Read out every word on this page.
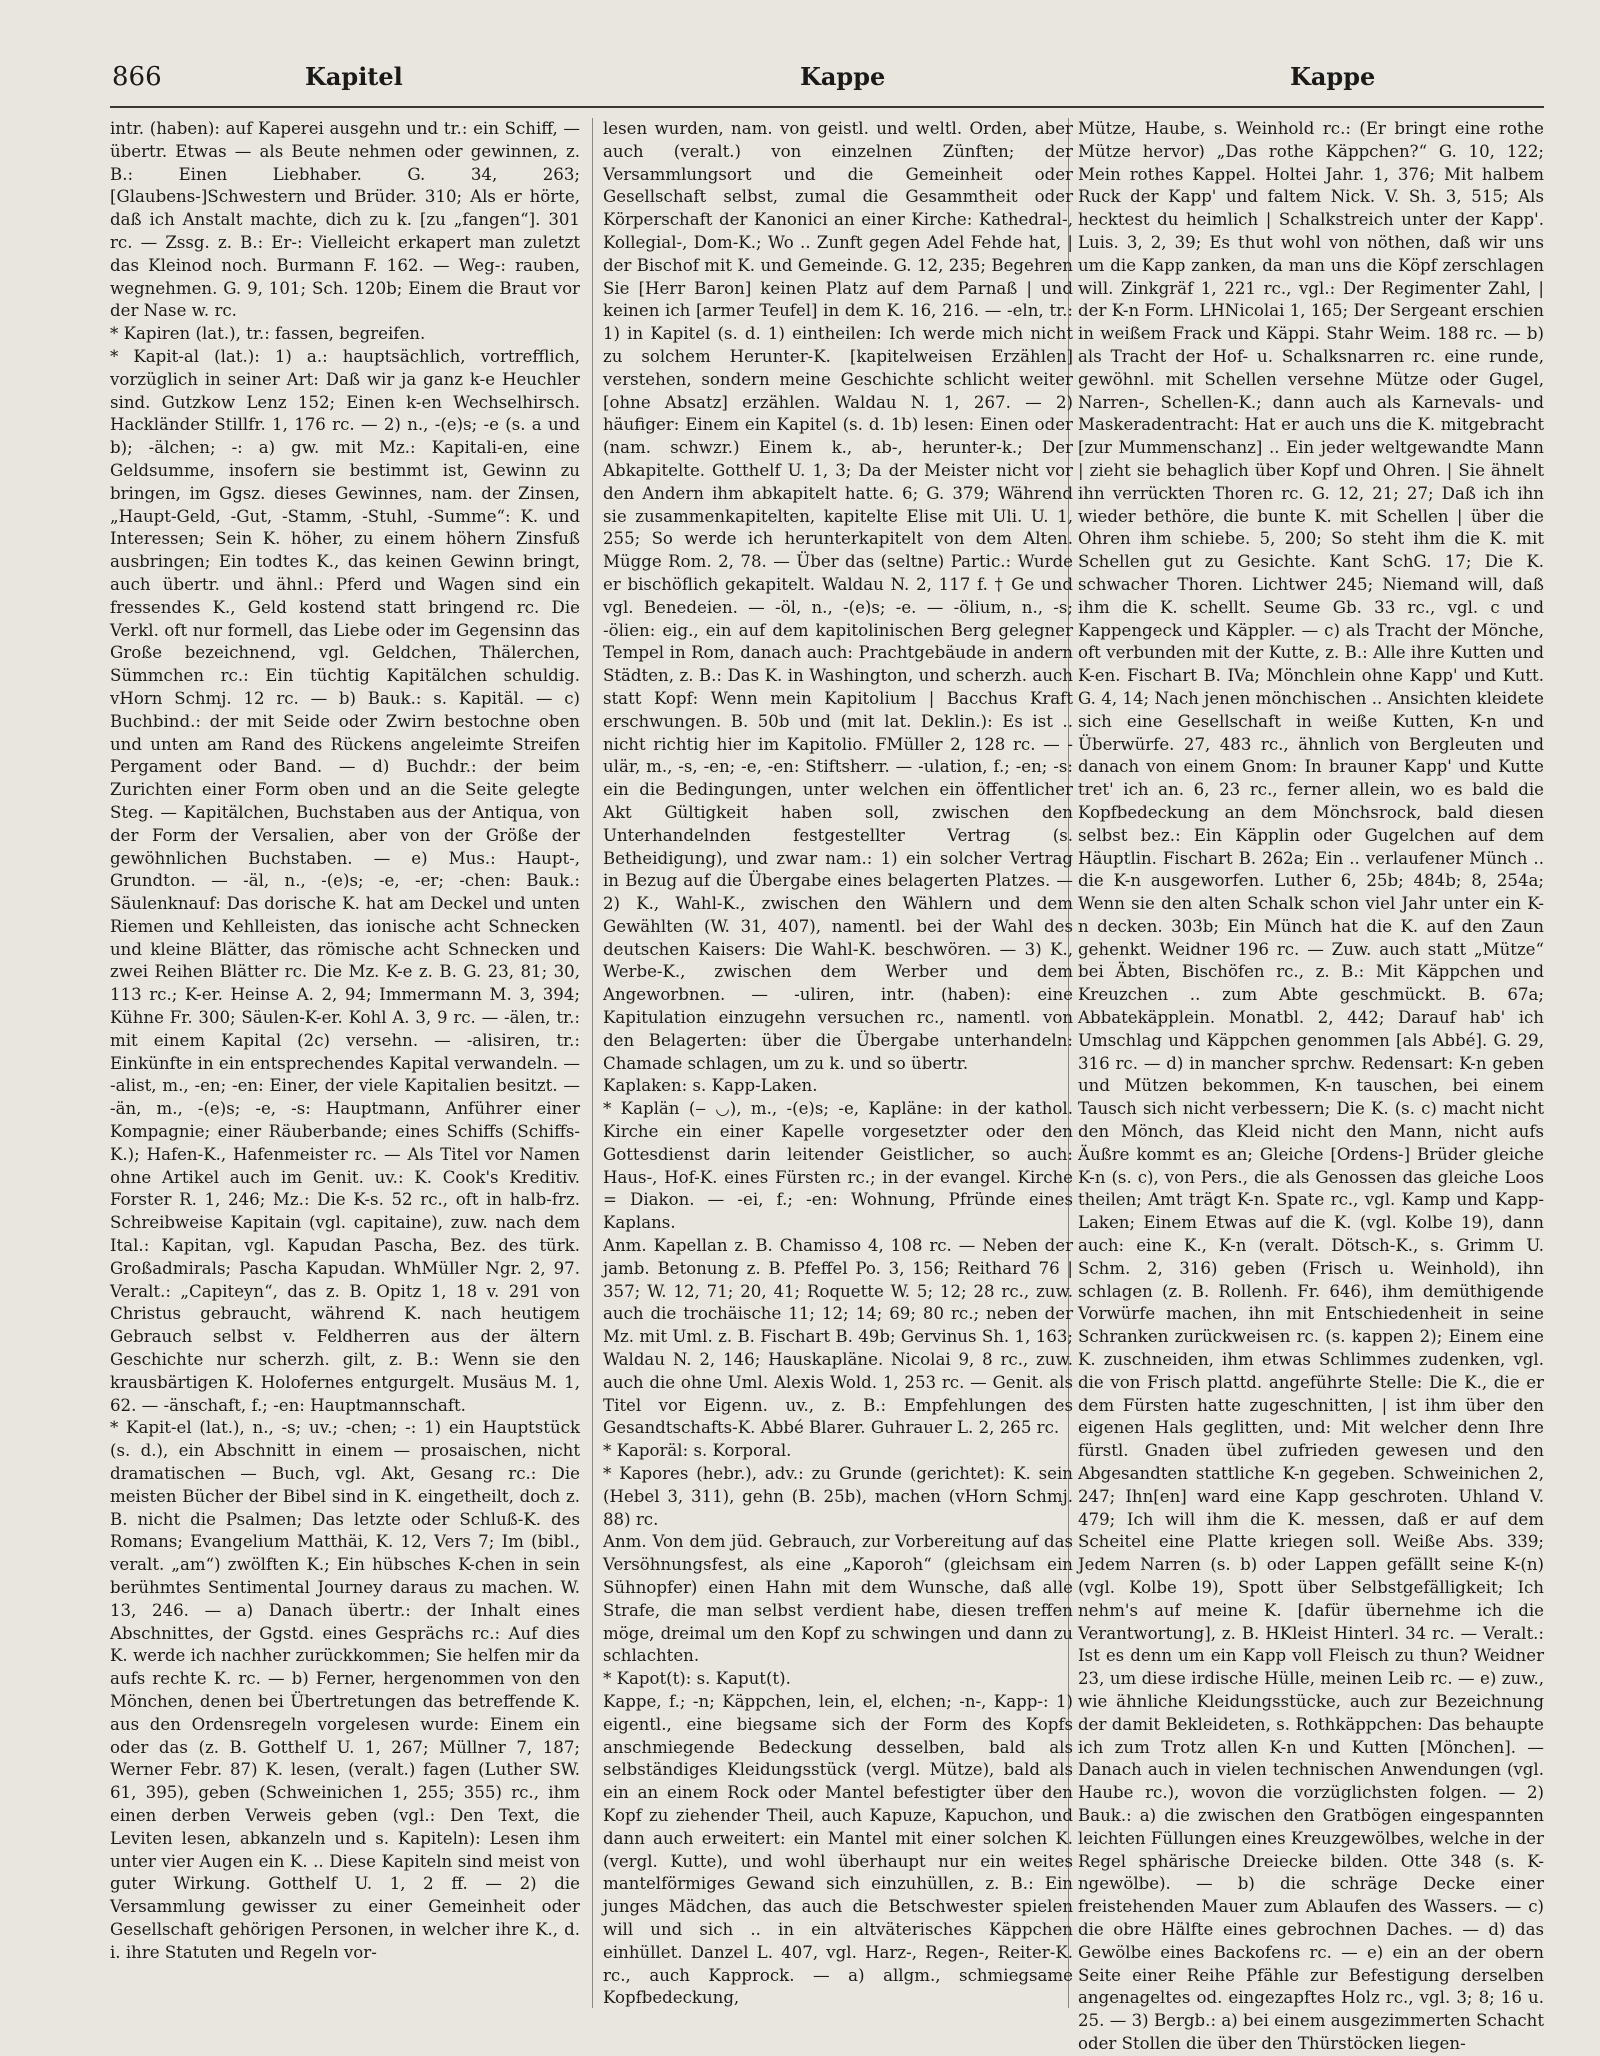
866	Kapitel	Kappe	Kappe

intr. (haben): auf Kaperei ausgehn und tr.: ein Schiff, — übertr. Etwas — als Beute nehmen oder gewinnen, z. B.: Einen Liebhaber. G. 34, 263; [Glaubens-]Schwestern und Brüder. 310; Als er hörte, daß ich Anstalt machte, dich zu k. [zu „fangen“]. 301 rc. — Zssg. z. B.: Er-: Vielleicht erkapert man zuletzt das Kleinod noch. Burmann F. 162. — Weg-: rauben, wegnehmen. G. 9, 101; Sch. 120b; Einem die Braut vor der Nase w. rc.

* Kapiren (lat.), tr.: fassen, begreifen.

* Kapit-al (lat.): 1) a.: hauptsächlich, vortrefflich, vorzüglich in seiner Art: Daß wir ja ganz k-e Heuchler sind. Gutzkow Lenz 152; Einen k-en Wechselhirsch. Hackländer Stillfr. 1, 176 rc. — 2) n., -(e)s; -e (s. a und b); -älchen; -: a) gw. mit Mz.: Kapitali-en, eine Geldsumme, insofern sie bestimmt ist, Gewinn zu bringen, im Ggsz. dieses Gewinnes, nam. der Zinsen, „Haupt-Geld, -Gut, -Stamm, -Stuhl, -Summe“: K. und Interessen; Sein K. höher, zu einem höhern Zinsfuß ausbringen; Ein todtes K., das keinen Gewinn bringt, auch übertr. und ähnl.: Pferd und Wagen sind ein fressendes K., Geld kostend statt bringend rc. Die Verkl. oft nur formell, das Liebe oder im Gegensinn das Große bezeichnend, vgl. Geldchen, Thälerchen, Sümmchen rc.: Ein tüchtig Kapitälchen schuldig. vHorn Schmj. 12 rc. — b) Bauk.: s. Kapitäl. — c) Buchbind.: der mit Seide oder Zwirn bestochne oben und unten am Rand des Rückens angeleimte Streifen Pergament oder Band. — d) Buchdr.: der beim Zurichten einer Form oben und an die Seite gelegte Steg. — Kapitälchen, Buchstaben aus der Antiqua, von der Form der Versalien, aber von der Größe der gewöhnlichen Buchstaben. — e) Mus.: Haupt-, Grundton. — -äl, n., -(e)s; -e, -er; -chen: Bauk.: Säulenknauf: Das dorische K. hat am Deckel und unten Riemen und Kehlleisten, das ionische acht Schnecken und kleine Blätter, das römische acht Schnecken und zwei Reihen Blätter rc. Die Mz. K-e z. B. G. 23, 81; 30, 113 rc.; K-er. Heinse A. 2, 94; Immermann M. 3, 394; Kühne Fr. 300; Säulen-K-er. Kohl A. 3, 9 rc. — -älen, tr.: mit einem Kapital (2c) versehn. — -alisiren, tr.: Einkünfte in ein entsprechendes Kapital verwandeln. — -alist, m., -en; -en: Einer, der viele Kapitalien besitzt. — -än, m., -(e)s; -e, -s: Hauptmann, Anführer einer Kompagnie; einer Räuberbande; eines Schiffs (Schiffs-K.); Hafen-K., Hafenmeister rc. — Als Titel vor Namen ohne Artikel auch im Genit. uv.: K. Cook's Kreditiv. Forster R. 1, 246; Mz.: Die K-s. 52 rc., oft in halb-frz. Schreibweise Kapitain (vgl. capitaine), zuw. nach dem Ital.: Kapitan, vgl. Kapudan Pascha, Bez. des türk. Großadmirals; Pascha Kapudan. WhMüller Ngr. 2, 97. Veralt.: „Capiteyn“, das z. B. Opitz 1, 18 v. 291 von Christus gebraucht, während K. nach heutigem Gebrauch selbst v. Feldherren aus der ältern Geschichte nur scherzh. gilt, z. B.: Wenn sie den krausbärtigen K. Holofernes entgurgelt. Musäus M. 1, 62. — -änschaft, f.; -en: Hauptmannschaft.

* Kapit-el (lat.), n., -s; uv.; -chen; -: 1) ein Hauptstück (s. d.), ein Abschnitt in einem — prosaischen, nicht dramatischen — Buch, vgl. Akt, Gesang rc.: Die meisten Bücher der Bibel sind in K. eingetheilt, doch z. B. nicht die Psalmen; Das letzte oder Schluß-K. des Romans; Evangelium Matthäi, K. 12, Vers 7; Im (bibl., veralt. „am“) zwölften K.; Ein hübsches K-chen in sein berühmtes Sentimental Journey daraus zu machen. W. 13, 246. — a) Danach übertr.: der Inhalt eines Abschnittes, der Ggstd. eines Gesprächs rc.: Auf dies K. werde ich nachher zurückkommen; Sie helfen mir da aufs rechte K. rc. — b) Ferner, hergenommen von den Mönchen, denen bei Übertretungen das betreffende K. aus den Ordensregeln vorgelesen wurde: Einem ein oder das (z. B. Gotthelf U. 1, 267; Müllner 7, 187; Werner Febr. 87) K. lesen, (veralt.) fagen (Luther SW. 61, 395), geben (Schweinichen 1, 255; 355) rc., ihm einen derben Verweis geben (vgl.: Den Text, die Leviten lesen, abkanzeln und s. Kapiteln): Lesen ihm unter vier Augen ein K. .. Diese Kapiteln sind meist von guter Wirkung. Gotthelf U. 1, 2 ff. — 2) die Versammlung gewisser zu einer Gemeinheit oder Gesellschaft gehörigen Personen, in welcher ihre K., d. i. ihre Statuten und Regeln vor-

lesen wurden, nam. von geistl. und weltl. Orden, aber auch (veralt.) von einzelnen Zünften; der Versammlungsort und die Gemeinheit oder Gesellschaft selbst, zumal die Gesammtheit oder Körperschaft der Kanonici an einer Kirche: Kathedral-, Kollegial-, Dom-K.; Wo .. Zunft gegen Adel Fehde hat, | der Bischof mit K. und Gemeinde. G. 12, 235; Begehren Sie [Herr Baron] keinen Platz auf dem Parnaß | und keinen ich [armer Teufel] in dem K. 16, 216. — -eln, tr.: 1) in Kapitel (s. d. 1) eintheilen: Ich werde mich nicht zu solchem Herunter-K. [kapitelweisen Erzählen] verstehen, sondern meine Geschichte schlicht weiter [ohne Absatz] erzählen. Waldau N. 1, 267. — 2) häufiger: Einem ein Kapitel (s. d. 1b) lesen: Einen oder (nam. schwzr.) Einem k., ab-, herunter-k.; Der Abkapitelte. Gotthelf U. 1, 3; Da der Meister nicht vor den Andern ihm abkapitelt hatte. 6; G. 379; Während sie zusammenkapitelten, kapitelte Elise mit Uli. U. 1, 255; So werde ich herunterkapitelt von dem Alten. Mügge Rom. 2, 78. — Über das (seltne) Partic.: Wurde er bischöflich gekapitelt. Waldau N. 2, 117 f. † Ge und vgl. Benedeien. — -öl, n., -(e)s; -e. — -ölium, n., -s; -ölien: eig., ein auf dem kapitolinischen Berg gelegner Tempel in Rom, danach auch: Prachtgebäude in andern Städten, z. B.: Das K. in Washington, und scherzh. auch statt Kopf: Wenn mein Kapitolium | Bacchus Kraft erschwungen. B. 50b und (mit lat. Deklin.): Es ist .. nicht richtig hier im Kapitolio. FMüller 2, 128 rc. — -ulär, m., -s, -en; -e, -en: Stiftsherr. — -ulation, f.; -en; -s: ein die Bedingungen, unter welchen ein öffentlicher Akt Gültigkeit haben soll, zwischen den Unterhandelnden festgestellter Vertrag (s. Betheidigung), und zwar nam.: 1) ein solcher Vertrag in Bezug auf die Übergabe eines belagerten Platzes. — 2) K., Wahl-K., zwischen den Wählern und dem Gewählten (W. 31, 407), namentl. bei der Wahl des deutschen Kaisers: Die Wahl-K. beschwören. — 3) K., Werbe-K., zwischen dem Werber und dem Angeworbnen. — -uliren, intr. (haben): eine Kapitulation einzugehn versuchen rc., namentl. von den Belagerten: über die Übergabe unterhandeln: Chamade schlagen, um zu k. und so übertr.

Kaplaken: s. Kapp-Laken.

* Kaplän (‒ ◡), m., -(e)s; -e, Kapläne: in der kathol. Kirche ein einer Kapelle vorgesetzter oder den Gottesdienst darin leitender Geistlicher, so auch: Haus-, Hof-K. eines Fürsten rc.; in der evangel. Kirche = Diakon. — -ei, f.; -en: Wohnung, Pfründe eines Kaplans.

Anm. Kapellan z. B. Chamisso 4, 108 rc. — Neben der jamb. Betonung z. B. Pfeffel Po. 3, 156; Reithard 76 | 357; W. 12, 71; 20, 41; Roquette W. 5; 12; 28 rc., zuw. auch die trochäische 11; 12; 14; 69; 80 rc.; neben der Mz. mit Uml. z. B. Fischart B. 49b; Gervinus Sh. 1, 163; Waldau N. 2, 146; Hauskapläne. Nicolai 9, 8 rc., zuw. auch die ohne Uml. Alexis Wold. 1, 253 rc. — Genit. als Titel vor Eigenn. uv., z. B.: Empfehlungen des Gesandtschafts-K. Abbé Blarer. Guhrauer L. 2, 265 rc.

* Kaporäl: s. Korporal.

* Kapores (hebr.), adv.: zu Grunde (gerichtet): K. sein (Hebel 3, 311), gehn (B. 25b), machen (vHorn Schmj. 88) rc.

Anm. Von dem jüd. Gebrauch, zur Vorbereitung auf das Versöhnungsfest, als eine „Kaporoh“ (gleichsam ein Sühnopfer) einen Hahn mit dem Wunsche, daß alle Strafe, die man selbst verdient habe, diesen treffen möge, dreimal um den Kopf zu schwingen und dann zu schlachten.

* Kapot(t): s. Kaput(t).

Kappe, f.; -n; Käppchen, lein, el, elchen; -n-, Kapp-: 1) eigentl., eine biegsame sich der Form des Kopfs anschmiegende Bedeckung desselben, bald als selbständiges Kleidungsstück (vergl. Mütze), bald als ein an einem Rock oder Mantel befestigter über den Kopf zu ziehender Theil, auch Kapuze, Kapuchon, und dann auch erweitert: ein Mantel mit einer solchen K. (vergl. Kutte), und wohl überhaupt nur ein weites mantelförmiges Gewand sich einzuhüllen, z. B.: Ein junges Mädchen, das auch die Betschwester spielen will und sich .. in ein altväterisches Käppchen einhüllet. Danzel L. 407, vgl. Harz-, Regen-, Reiter-K. rc., auch Kapprock. — a) allgm., schmiegsame Kopfbedeckung,

Mütze, Haube, s. Weinhold rc.: (Er bringt eine rothe Mütze hervor) „Das rothe Käppchen?“ G. 10, 122; Mein rothes Kappel. Holtei Jahr. 1, 376; Mit halbem Ruck der Kapp' und faltem Nick. V. Sh. 3, 515; Als hecktest du heimlich | Schalkstreich unter der Kapp'. Luis. 3, 2, 39; Es thut wohl von nöthen, daß wir uns um die Kapp zanken, da man uns die Köpf zerschlagen will. Zinkgräf 1, 221 rc., vgl.: Der Regimenter Zahl, | der K-n Form. LHNicolai 1, 165; Der Sergeant erschien in weißem Frack und Käppi. Stahr Weim. 188 rc. — b) als Tracht der Hof- u. Schalksnarren rc. eine runde, gewöhnl. mit Schellen versehne Mütze oder Gugel, Narren-, Schellen-K.; dann auch als Karnevals- und Maskeradentracht: Hat er auch uns die K. mitgebracht [zur Mummenschanz] .. Ein jeder weltgewandte Mann | zieht sie behaglich über Kopf und Ohren. | Sie ähnelt ihn verrückten Thoren rc. G. 12, 21; 27; Daß ich ihn wieder bethöre, die bunte K. mit Schellen | über die Ohren ihm schiebe. 5, 200; So steht ihm die K. mit Schellen gut zu Gesichte. Kant SchG. 17; Die K. schwacher Thoren. Lichtwer 245; Niemand will, daß ihm die K. schellt. Seume Gb. 33 rc., vgl. c und Kappengeck und Käppler. — c) als Tracht der Mönche, oft verbunden mit der Kutte, z. B.: Alle ihre Kutten und K-en. Fischart B. IVa; Mönchlein ohne Kapp' und Kutt. G. 4, 14; Nach jenen mönchischen .. Ansichten kleidete sich eine Gesellschaft in weiße Kutten, K-n und Überwürfe. 27, 483 rc., ähnlich von Bergleuten und danach von einem Gnom: In brauner Kapp' und Kutte tret' ich an. 6, 23 rc., ferner allein, wo es bald die Kopfbedeckung an dem Mönchsrock, bald diesen selbst bez.: Ein Käpplin oder Gugelchen auf dem Häuptlin. Fischart B. 262a; Ein .. verlaufener Münch .. die K-n ausgeworfen. Luther 6, 25b; 484b; 8, 254a; Wenn sie den alten Schalk schon viel Jahr unter ein K-n decken. 303b; Ein Münch hat die K. auf den Zaun gehenkt. Weidner 196 rc. — Zuw. auch statt „Mütze“ bei Äbten, Bischöfen rc., z. B.: Mit Käppchen und Kreuzchen .. zum Abte geschmückt. B. 67a; Abbatekäpplein. Monatbl. 2, 442; Darauf hab' ich Umschlag und Käppchen genommen [als Abbé]. G. 29, 316 rc. — d) in mancher sprchw. Redensart: K-n geben und Mützen bekommen, K-n tauschen, bei einem Tausch sich nicht verbessern; Die K. (s. c) macht nicht den Mönch, das Kleid nicht den Mann, nicht aufs Äußre kommt es an; Gleiche [Ordens-] Brüder gleiche K-n (s. c), von Pers., die als Genossen das gleiche Loos theilen; Amt trägt K-n. Spate rc., vgl. Kamp und Kapp-Laken; Einem Etwas auf die K. (vgl. Kolbe 19), dann auch: eine K., K-n (veralt. Dötsch-K., s. Grimm U. Schm. 2, 316) geben (Frisch u. Weinhold), ihn schlagen (z. B. Rollenh. Fr. 646), ihm demüthigende Vorwürfe machen, ihn mit Entschiedenheit in seine Schranken zurückweisen rc. (s. kappen 2); Einem eine K. zuschneiden, ihm etwas Schlimmes zudenken, vgl. die von Frisch plattd. angeführte Stelle: Die K., die er dem Fürsten hatte zugeschnitten, | ist ihm über den eigenen Hals geglitten, und: Mit welcher denn Ihre fürstl. Gnaden übel zufrieden gewesen und den Abgesandten stattliche K-n gegeben. Schweinichen 2, 247; Ihn[en] ward eine Kapp geschroten. Uhland V. 479; Ich will ihm die K. messen, daß er auf dem Scheitel eine Platte kriegen soll. Weiße Abs. 339; Jedem Narren (s. b) oder Lappen gefällt seine K-(n) (vgl. Kolbe 19), Spott über Selbstgefälligkeit; Ich nehm's auf meine K. [dafür übernehme ich die Verantwortung], z. B. HKleist Hinterl. 34 rc. — Veralt.: Ist es denn um ein Kapp voll Fleisch zu thun? Weidner 23, um diese irdische Hülle, meinen Leib rc. — e) zuw., wie ähnliche Kleidungsstücke, auch zur Bezeichnung der damit Bekleideten, s. Rothkäppchen: Das behaupte ich zum Trotz allen K-n und Kutten [Mönchen]. — Danach auch in vielen technischen Anwendungen (vgl. Haube rc.), wovon die vorzüglichsten folgen. — 2) Bauk.: a) die zwischen den Gratbögen eingespannten leichten Füllungen eines Kreuzgewölbes, welche in der Regel sphärische Dreiecke bilden. Otte 348 (s. K-ngewölbe). — b) die schräge Decke einer freistehenden Mauer zum Ablaufen des Wassers. — c) die obre Hälfte eines gebrochnen Daches. — d) das Gewölbe eines Backofens rc. — e) ein an der obern Seite einer Reihe Pfähle zur Befestigung derselben angenageltes od. eingezapftes Holz rc., vgl. 3; 8; 16 u. 25. — 3) Bergb.: a) bei einem ausgezimmerten Schacht oder Stollen die über den Thürstöcken liegen-
